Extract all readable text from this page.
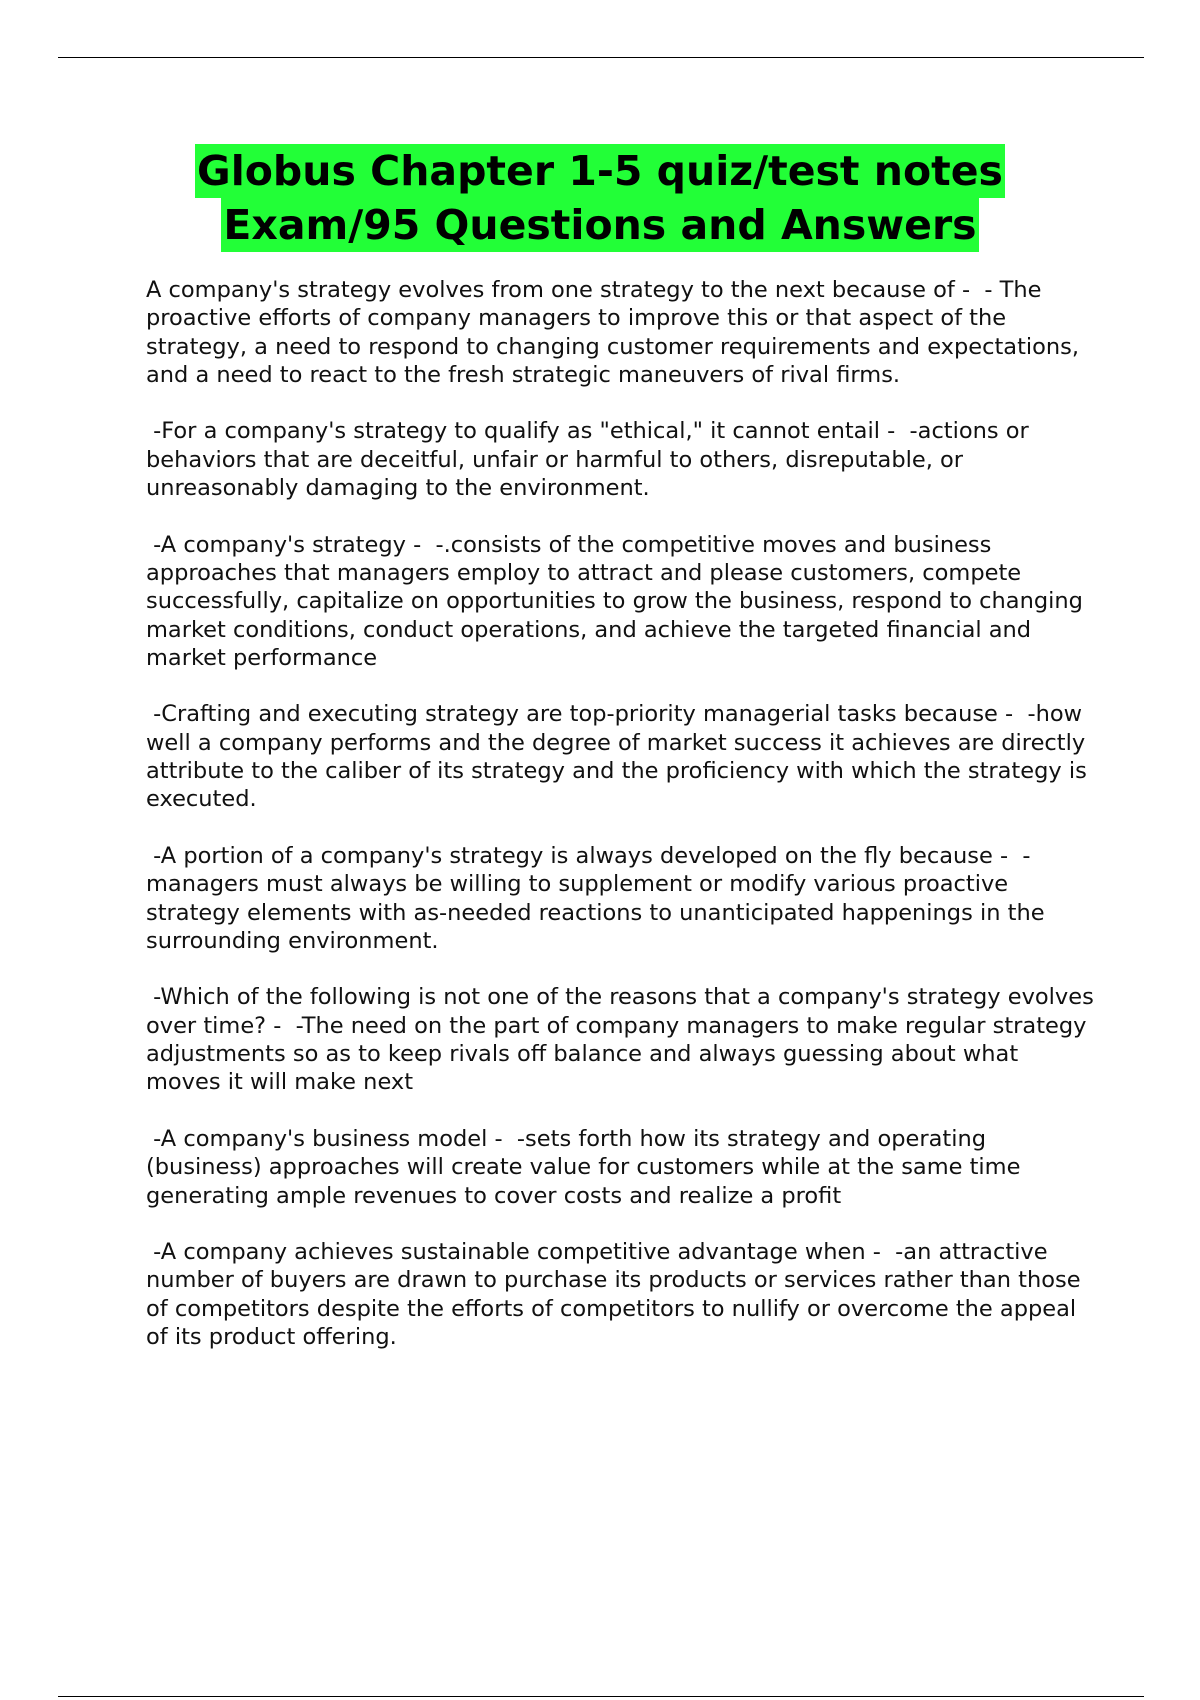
Globus Chapter 1-5 quiz/test notes
Exam/95 Questions and Answers

A company's strategy evolves from one strategy to the next because of -  - The proactive efforts of company managers to improve this or that aspect of the strategy, a need to respond to changing customer requirements and expectations, and a need to react to the fresh strategic maneuvers of rival firms.

-For a company's strategy to qualify as "ethical," it cannot entail -  -actions or behaviors that are deceitful, unfair or harmful to others, disreputable, or unreasonably damaging to the environment.

-A company's strategy -  -.consists of the competitive moves and business approaches that managers employ to attract and please customers, compete successfully, capitalize on opportunities to grow the business, respond to changing market conditions, conduct operations, and achieve the targeted financial and market performance

-Crafting and executing strategy are top-priority managerial tasks because -  -how well a company performs and the degree of market success it achieves are directly attribute to the caliber of its strategy and the proficiency with which the strategy is executed.

-A portion of a company's strategy is always developed on the fly because -  -managers must always be willing to supplement or modify various proactive strategy elements with as-needed reactions to unanticipated happenings in the surrounding environment.

-Which of the following is not one of the reasons that a company's strategy evolves over time? -  -The need on the part of company managers to make regular strategy adjustments so as to keep rivals off balance and always guessing about what moves it will make next

-A company's business model -  -sets forth how its strategy and operating (business) approaches will create value for customers while at the same time generating ample revenues to cover costs and realize a profit

-A company achieves sustainable competitive advantage when -  -an attractive number of buyers are drawn to purchase its products or services rather than those of competitors despite the efforts of competitors to nullify or overcome the appeal of its product offering.
